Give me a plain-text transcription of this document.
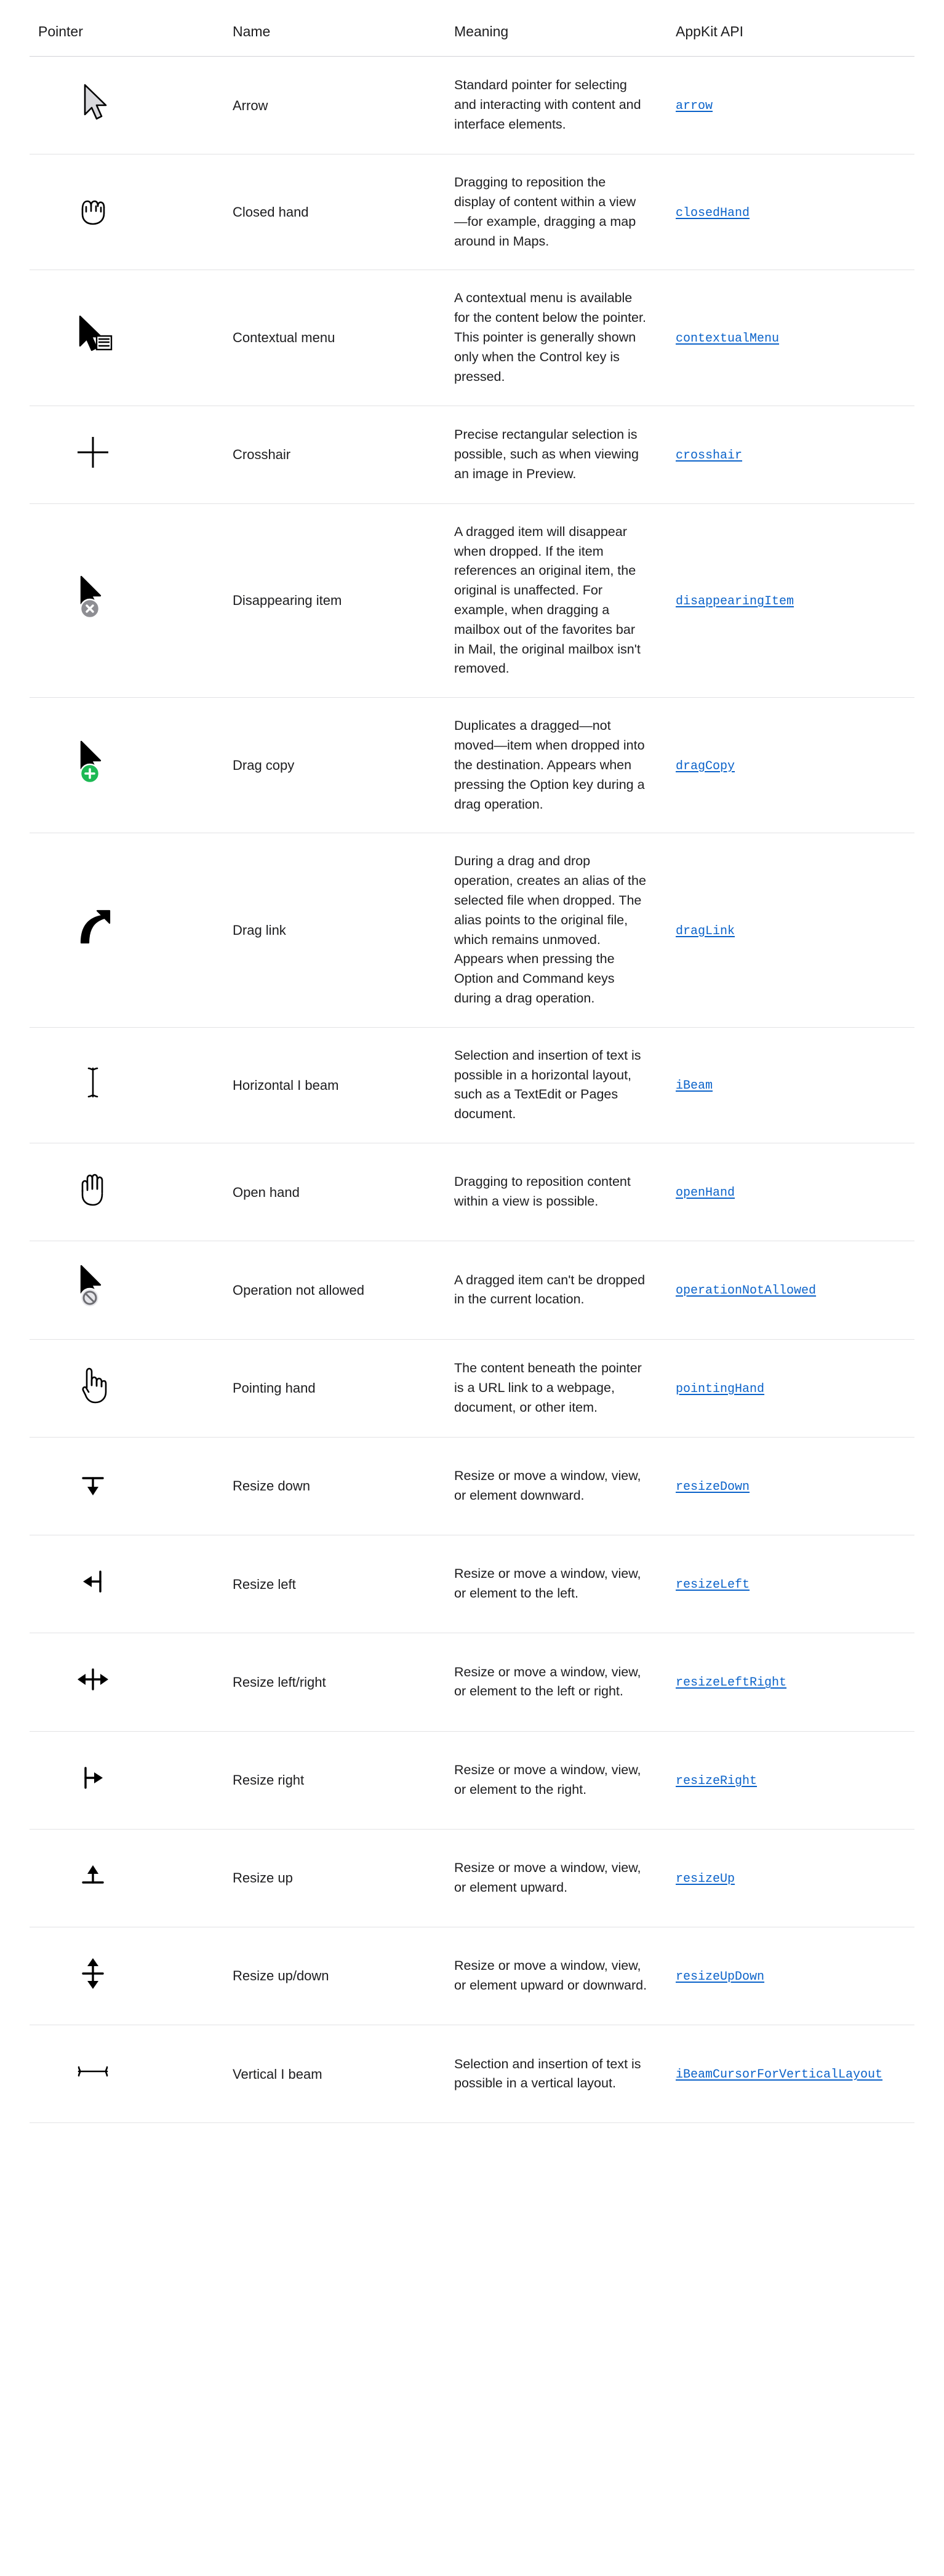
Pointer	Name	Meaning	AppKit API

	Arrow	Standard pointer for selecting and interacting with content and interface elements.	arrow

	Closed hand	Dragging to reposition the display of content within a view—for example, dragging a map around in Maps.	closedHand

	Contextual menu	A contextual menu is available for the content below the pointer. This pointer is generally shown only when the Control key is pressed.	contextualMenu

	Crosshair	Precise rectangular selection is possible, such as when viewing an image in Preview.	crosshair

	Disappearing item	A dragged item will disappear when dropped. If the item references an original item, the original is unaffected. For example, when dragging a mailbox out of the favorites bar in Mail, the original mailbox isn't removed.	disappearingItem

	Drag copy	Duplicates a dragged—not moved—item when dropped into the destination. Appears when pressing the Option key during a drag operation.	dragCopy

	Drag link	During a drag and drop operation, creates an alias of the selected file when dropped. The alias points to the original file, which remains unmoved. Appears when pressing the Option and Command keys during a drag operation.	dragLink

	Horizontal I beam	Selection and insertion of text is possible in a horizontal layout, such as a TextEdit or Pages document.	iBeam

	Open hand	Dragging to reposition content within a view is possible.	openHand

	Operation not allowed	A dragged item can't be dropped in the current location.	operationNotAllowed

	Pointing hand	The content beneath the pointer is a URL link to a webpage, document, or other item.	pointingHand

	Resize down	Resize or move a window, view, or element downward.	resizeDown

	Resize left	Resize or move a window, view, or element to the left.	resizeLeft

	Resize left/right	Resize or move a window, view, or element to the left or right.	resizeLeftRight

	Resize right	Resize or move a window, view, or element to the right.	resizeRight

	Resize up	Resize or move a window, view, or element upward.	resizeUp

	Resize up/down	Resize or move a window, view, or element upward or downward.	resizeUpDown

	Vertical I beam	Selection and insertion of text is possible in a vertical layout.	iBeamCursorForVerticalLayout
